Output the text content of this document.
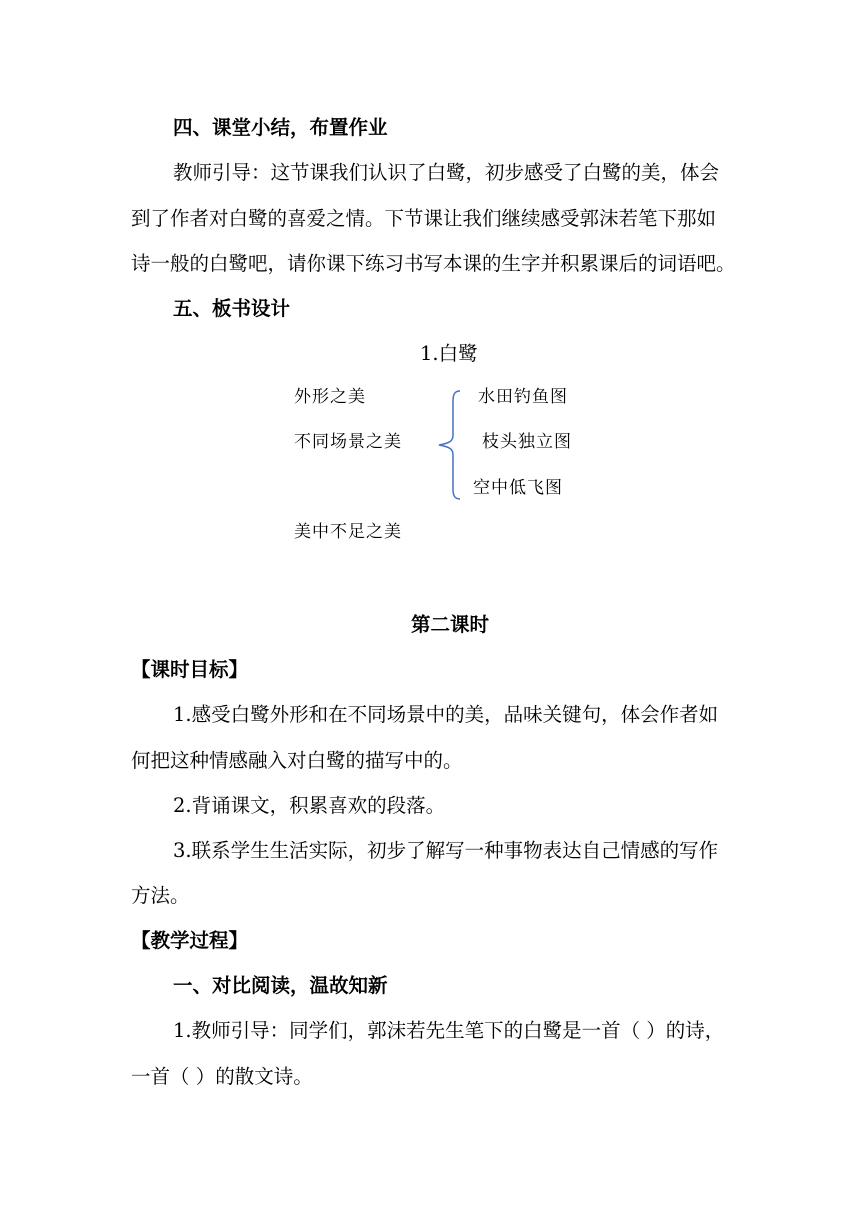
四、课堂小结，布置作业
教师引导：这节课我们认识了白鹭，初步感受了白鹭的美，体会
到了作者对白鹭的喜爱之情。下节课让我们继续感受郭沫若笔下那如
诗一般的白鹭吧，请你课下练习书写本课的生字并积累课后的词语吧。
五、板书设计
1.白鹭
外形之美
不同场景之美
美中不足之美
水田钓鱼图
枝头独立图
空中低飞图
第二课时
【课时目标】
1.感受白鹭外形和在不同场景中的美，品味关键句，体会作者如
何把这种情感融入对白鹭的描写中的。
2.背诵课文，积累喜欢的段落。
3.联系学生生活实际，初步了解写一种事物表达自己情感的写作
方法。
【教学过程】
一、对比阅读，温故知新
1.教师引导：同学们，郭沫若先生笔下的白鹭是一首（ ）的诗，
一首（ ）的散文诗。
